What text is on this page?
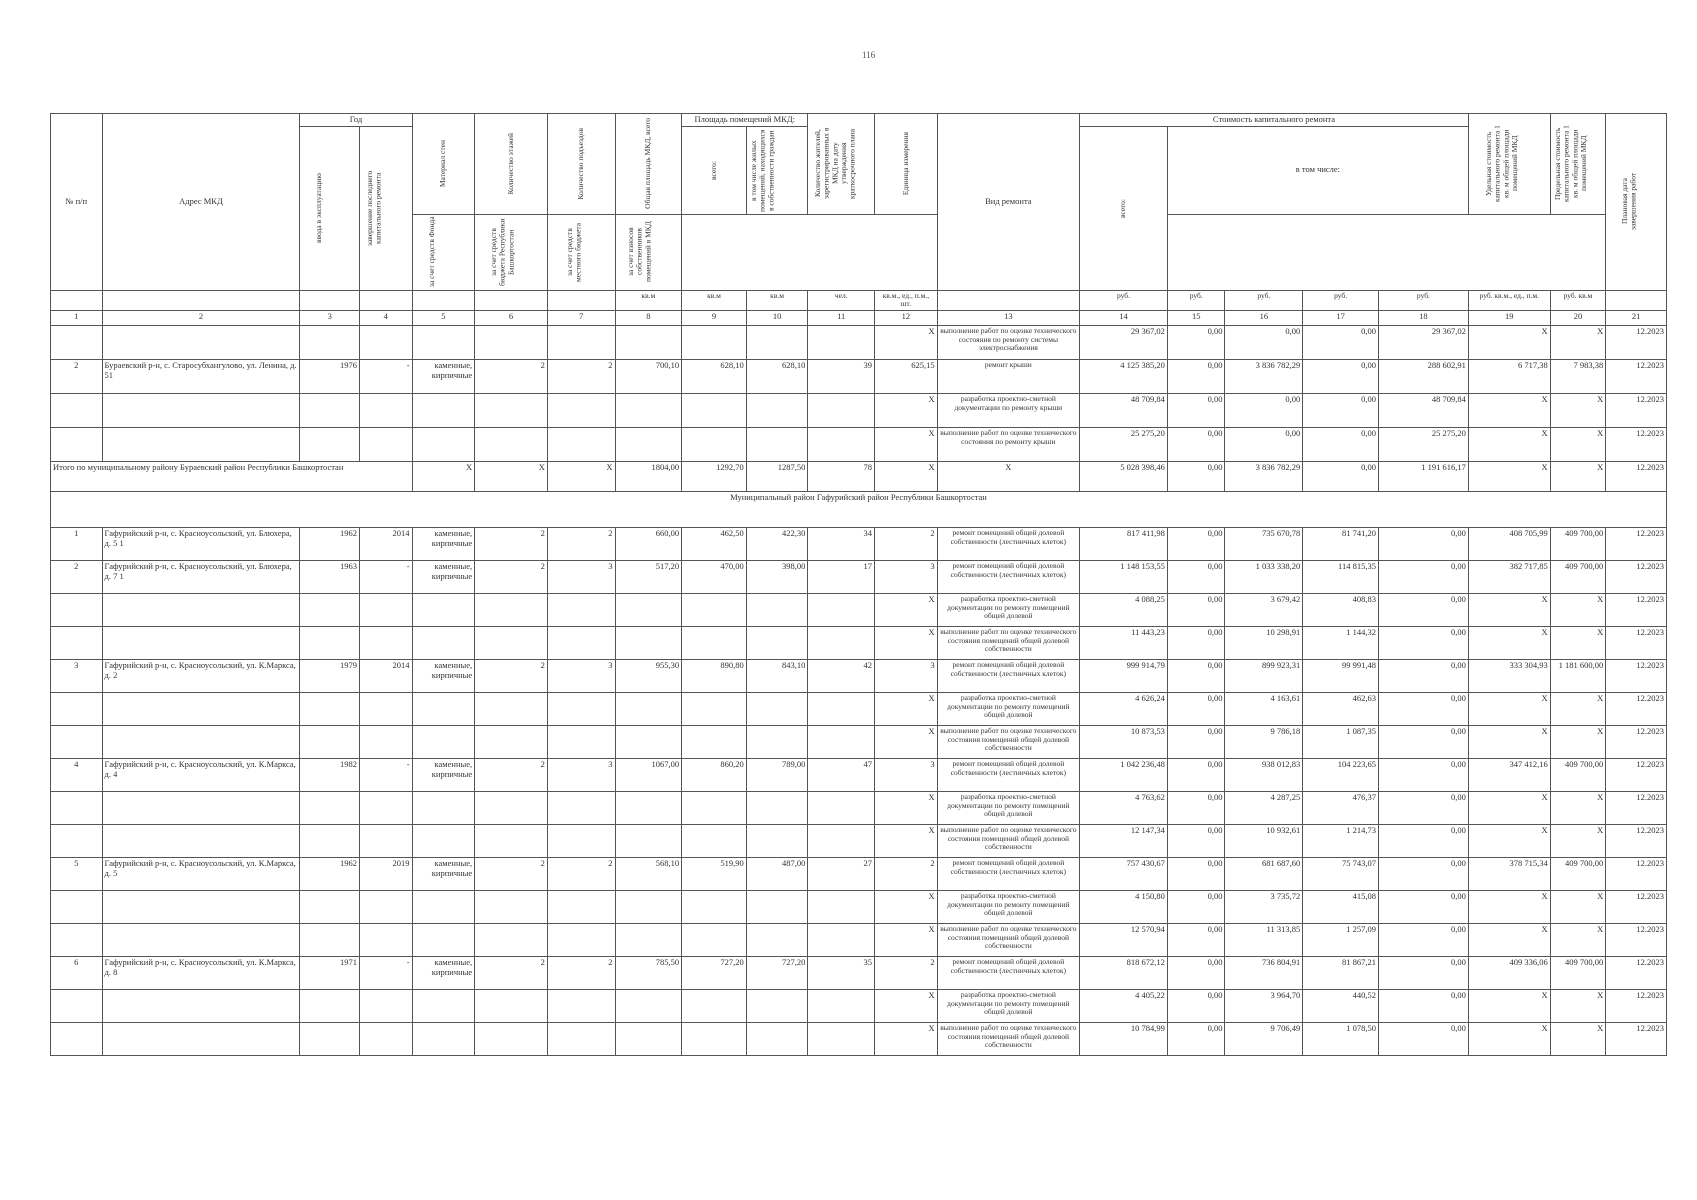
116
№ п/п	Адрес МКД	Год		Материал стен	Количество этажей	Количество подъездов	Общая площадь МКД, всего	Площадь помещений МКД:		Количество жителей, зарегистрированных в МКД на дату утверждения краткосрочного плана	Единица измерения	Вид ремонта	Стоимость капитального ремонта					Удельная стоимость капитального ремонта 1 кв. м общей площади помещений МКД	Предельная стоимость капитального ремонта 1 кв. м общей площади помещений МКД	Плановая дата завершения работ

		ввода в эксплуатацию	завершение последнего капитального ремонта					всего:	в том числе жилых помещений, находящихся в собственности граждан				всего:	в том числе:						

				за счет средств Фонда	за счет средств бюджета Республики Башкортостан	за счет средств местного бюджета	за счет взносов собственников помещений в МКД													

							кв.м	кв.м	кв.м	чел.	кв.м., ед., п.м., шт.		руб.	руб.	руб.	руб.	руб.	руб. кв.м., ед., п.м.	руб. кв.м	
1	2	3	4	5	6	7	8	9	10	11	12	13	14	15	16	17	18	19	20	21
											X	выполнение работ по оценке технического состояния по ремонту системы электроснабжения	29 367,02	0,00	0,00	0,00	29 367,02	X	X	12.2023
2	Бураевский р-н, с. Старосубхангулово, ул. Ленина, д. 51	1976	-	каменные, кирпичные	2	2	700,10	628,10	628,10	39	625,15	ремонт крыши	4 125 385,20	0,00	3 836 782,29	0,00	288 602,91	6 717,38	7 983,38	12.2023
											X	разработка проектно-сметной документации по ремонту крыши	48 709,84	0,00	0,00	0,00	48 709,84	X	X	12.2023
											X	выполнение работ по оценке технического состояния по ремонту крыши	25 275,20	0,00	0,00	0,00	25 275,20	X	X	12.2023
Итого по муниципальному району Бураевский район Республики Башкортостан				X	X	X	1804,00	1292,70	1287,50	78	X	X	5 028 398,46	0,00	3 836 782,29	0,00	1 191 616,17	X	X	12.2023
Муниципальный район Гафурийский район Республики Башкортостан																				
1	Гафурийский р-н, с. Красноусольский, ул. Блюхера, д. 5 1	1962	2014	каменные, кирпичные	2	2	660,00	462,50	422,30	34	2	ремонт помещений общей долевой собственности (лестничных клеток)	817 411,98	0,00	735 670,78	81 741,20	0,00	408 705,99	409 700,00	12.2023
2	Гафурийский р-н, с. Красноусольский, ул. Блюхера, д. 7 1	1963	-	каменные, кирпичные	2	3	517,20	470,00	398,00	17	3	ремонт помещений общей долевой собственности (лестничных клеток)	1 148 153,55	0,00	1 033 338,20	114 815,35	0,00	382 717,85	409 700,00	12.2023
											X	разработка проектно-сметной документации по ремонту помещений общей долевой	4 088,25	0,00	3 679,42	408,83	0,00	X	X	12.2023
											X	выполнение работ по оценке технического состояния помещений общей долевой собственности	11 443,23	0,00	10 298,91	1 144,32	0,00	X	X	12.2023
3	Гафурийский р-н, с. Красноусольский, ул. К.Маркса, д. 2	1979	2014	каменные, кирпичные	2	3	955,30	890,80	843,10	42	3	ремонт помещений общей долевой собственности (лестничных клеток)	999 914,79	0,00	899 923,31	99 991,48	0,00	333 304,93	1 181 600,00	12.2023
											X	разработка проектно-сметной документации по ремонту помещений общей долевой	4 626,24	0,00	4 163,61	462,63	0,00	X	X	12.2023
											X	выполнение работ по оценке технического состояния помещений общей долевой собственности	10 873,53	0,00	9 786,18	1 087,35	0,00	X	X	12.2023
4	Гафурийский р-н, с. Красноусольский, ул. К.Маркса, д. 4	1982	-	каменные, кирпичные	2	3	1067,00	860,20	789,00	47	3	ремонт помещений общей долевой собственности (лестничных клеток)	1 042 236,48	0,00	938 012,83	104 223,65	0,00	347 412,16	409 700,00	12.2023
											X	разработка проектно-сметной документации по ремонту помещений общей долевой	4 763,62	0,00	4 287,25	476,37	0,00	X	X	12.2023
											X	выполнение работ по оценке технического состояния помещений общей долевой собственности	12 147,34	0,00	10 932,61	1 214,73	0,00	X	X	12.2023
5	Гафурийский р-н, с. Красноусольский, ул. К.Маркса, д. 5	1962	2019	каменные, кирпичные	2	2	568,10	519,90	487,00	27	2	ремонт помещений общей долевой собственности (лестничных клеток)	757 430,67	0,00	681 687,60	75 743,07	0,00	378 715,34	409 700,00	12.2023
											X	разработка проектно-сметной документации по ремонту помещений общей долевой	4 150,80	0,00	3 735,72	415,08	0,00	X	X	12.2023
											X	выполнение работ по оценке технического состояния помещений общей долевой собственности	12 570,94	0,00	11 313,85	1 257,09	0,00	X	X	12.2023
6	Гафурийский р-н, с. Красноусольский, ул. К.Маркса, д. 8	1971	-	каменные, кирпичные	2	2	785,50	727,20	727,20	35	2	ремонт помещений общей долевой собственности (лестничных клеток)	818 672,12	0,00	736 804,91	81 867,21	0,00	409 336,06	409 700,00	12.2023
											X	разработка проектно-сметной документации по ремонту помещений общей долевой	4 405,22	0,00	3 964,70	440,52	0,00	X	X	12.2023
											X	выполнение работ по оценке технического состояния помещений общей долевой собственности	10 784,99	0,00	9 706,49	1 078,50	0,00	X	X	12.2023
